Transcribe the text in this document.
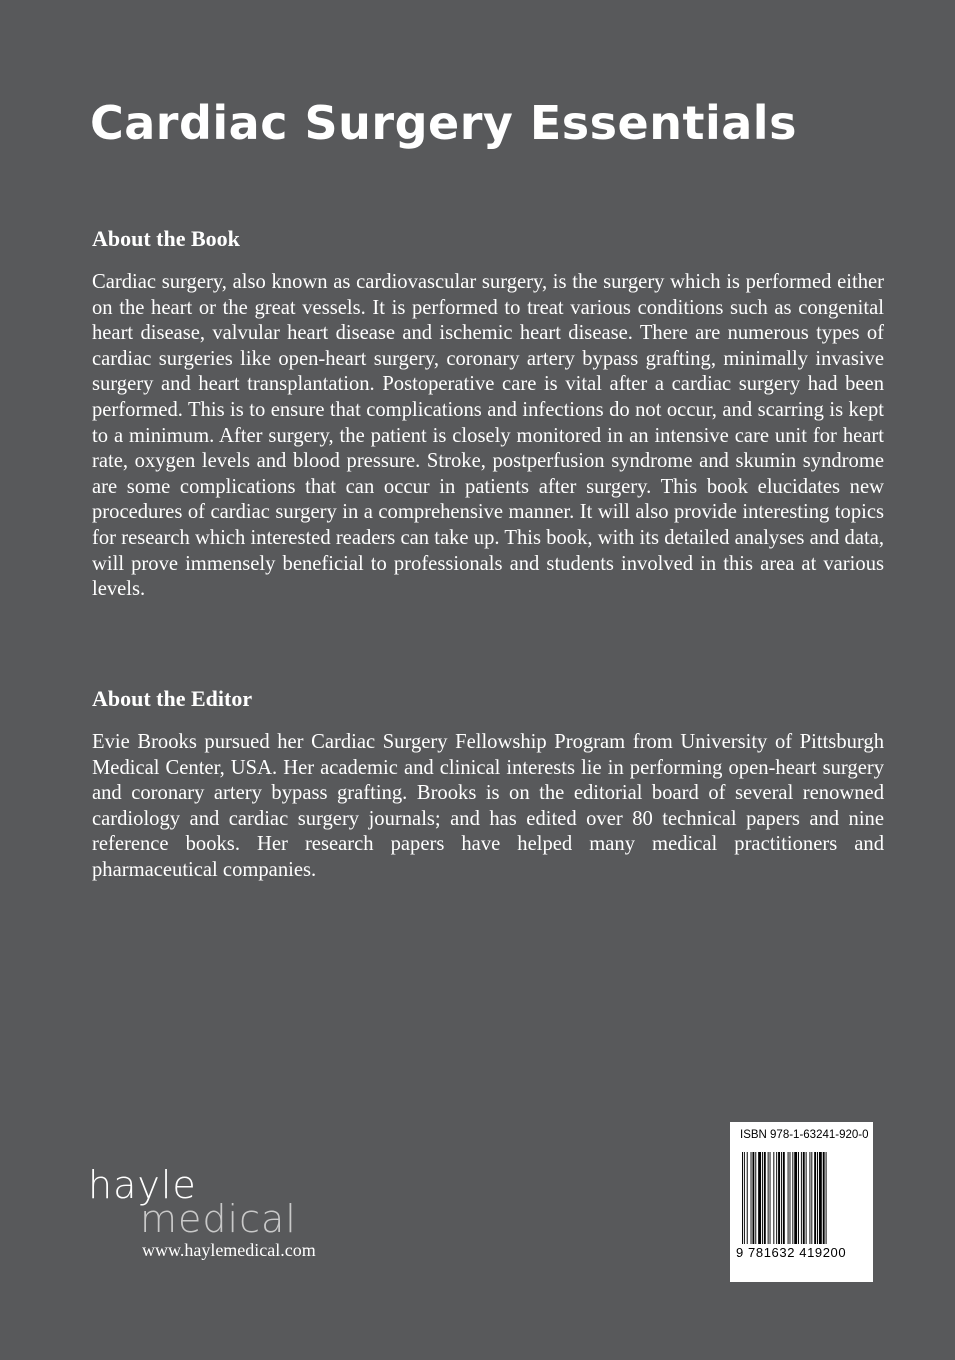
Cardiac Surgery Essentials
About the Book

Cardiac surgery, also known as cardiovascular surgery, is the surgery which is performed either on the heart or the great vessels. It is performed to treat various conditions such as congenital heart disease, valvular heart disease and ischemic heart disease. There are numerous types of cardiac surgeries like open-heart surgery, coronary artery bypass grafting, minimally invasive surgery and heart transplantation. Postoperative care is vital after a cardiac surgery had been performed. This is to ensure that complications and infections do not occur, and scarring is kept to a minimum. After surgery, the patient is closely monitored in an intensive care unit for heart rate, oxygen levels and blood pressure. Stroke, postperfusion syndrome and skumin syndrome are some complications that can occur in patients after surgery. This book elucidates new procedures of cardiac surgery in a comprehensive manner. It will also provide interesting topics for research which interested readers can take up. This book, with its detailed analyses and data, will prove immensely beneficial to professionals and students involved in this area at various levels.

About the Editor

Evie Brooks pursued her Cardiac Surgery Fellowship Program from University of Pittsburgh Medical Center, USA. Her academic and clinical interests lie in performing open-heart surgery and coronary artery bypass grafting. Brooks is on the editorial board of several renowned cardiology and cardiac surgery journals; and has edited over 80 technical papers and nine reference books. Her research papers have helped many medical practitioners and pharmaceutical companies.

hayle
medical
www.haylemedical.com
ISBN 978-1-63241-920-0
9 781632 419200
